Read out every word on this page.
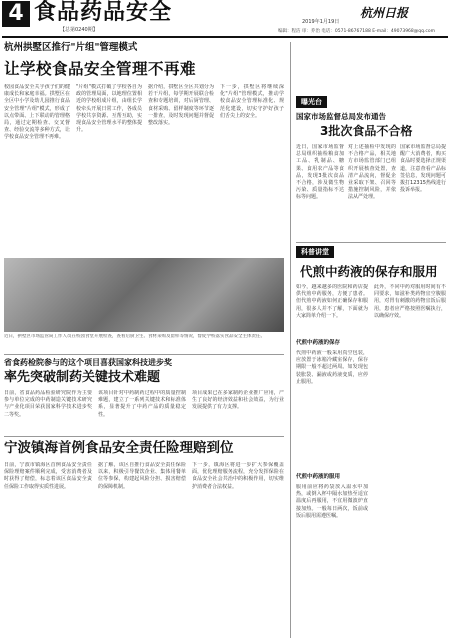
4 食品药品安全
【总第0240期】
杭州日报
2019年1月19日
编辑：程洁 审：乔治 电话：0571-86767188 E-mail：49073968@qq.com
杭州拱墅区推行"片组"管理模式
让学校食品安全管理不再难
校园食品安全关乎孩子们的健康成长和家庭幸福。拱墅区在全区中小学及幼儿园推行食品安全管理"片组"模式，形成了以点带面、上下联动的管理格局，通过定期检查、交叉督查、经验交流等多种方式，让学校食品安全管理不再难。
"片组"模式打破了学校各自为政的管理局面，以地理位置相近的学校组成片组，由组长学校牵头开展日常工作，各成员学校共享资源、互帮互助，实现食品安全管理水平的整体提升。
据介绍，拱墅区全区共划分为若干片组，每学期开展联合检查和专题培训，对后厨管理、食材采购、留样制度等环节逐一排查，及时发现问题并督促整改落实。
下一步，拱墅区将继续深化"片组"管理模式，推动学校食品安全管理标准化、规范化建设，切实守护好孩子们舌尖上的安全。
近日，拱墅区市场监管局工作人员在校园食堂开展检查，查看后厨卫生、食材采购及留样等情况，督促学校落实食品安全主体责任。
省食药检院参与的这个项目喜获国家科技进步奖
率先突破制药关键技术难题
日前，省食品药品检验研究院作为主要参与单位完成的中药制造关键技术研究与产业化项目荣获国家科学技术进步奖二等奖。
该项目针对中药制药过程中的质量控制难题，建立了一系列关键技术和标准体系，显著提升了中药产品的质量稳定性。
项目成果已在多家制药企业推广应用，产生了良好的经济效益和社会效益，为行业发展提供了有力支撑。
宁波镇海首例食品安全责任险理赔到位
日前，宁波市镇海区首例食品安全责任保险理赔案件顺利完成，受害消费者及时获得了赔偿，标志着该区食品安全责任保险工作取得实质性进展。
据了解，该区自推行食品安全责任保险以来，积极引导餐饮企业、集体用餐单位等参保，构建起风险分担、损害赔偿的保障机制。
下一步，镇海区将进一步扩大参保覆盖面，优化理赔服务流程，充分发挥保险在食品安全社会共治中的积极作用，切实维护消费者合法权益。
曝光台
国家市场监督总局发布通告
3批次食品不合格
近日，国家市场监督总局组织抽检粮食加工品、乳制品、糖果、食用农产品等食品，发现3批次食品不合格，涉及微生物污染、质量指标不达标等问题。
对上述抽检中发现的不合格产品，相关地方市场监管部门已组织开展核查处置，查清产品流向，督促企业采取下架、召回等措施控制风险，并依法从严处理。
国家市场监督总局提醒广大消费者，购买食品时要选择正规渠道，注意查看产品标签信息，发现问题可拨打12315热线进行投诉举报。
科普讲堂
代煎中药液的保存和服用
如今，越来越多的医院和药店提供代煎中药服务，方便了患者。但代煎中药液如何正确保存和服用，很多人并不了解，下面就为大家简单介绍一下。
代煎中药液的保存
代煎中药液一般采用真空包装，应放置于冰箱冷藏室保存，保存期限一般不超过两周。如发现包装胀袋、漏液或药液变质，应停止服用。
代煎中药液的服用
服用前应将药袋放入温水中加热，或倒入杯中隔水加热至适宜温度后再服用，不宜用微波炉直接加热。一般每日两次，饭前或饭后服用需遵医嘱。
此外，不同中药对服用时间有不同要求，如滋补类药物宜空腹服用，对胃有刺激的药物宜饭后服用，患者应严格按照医嘱执行，以确保疗效。
